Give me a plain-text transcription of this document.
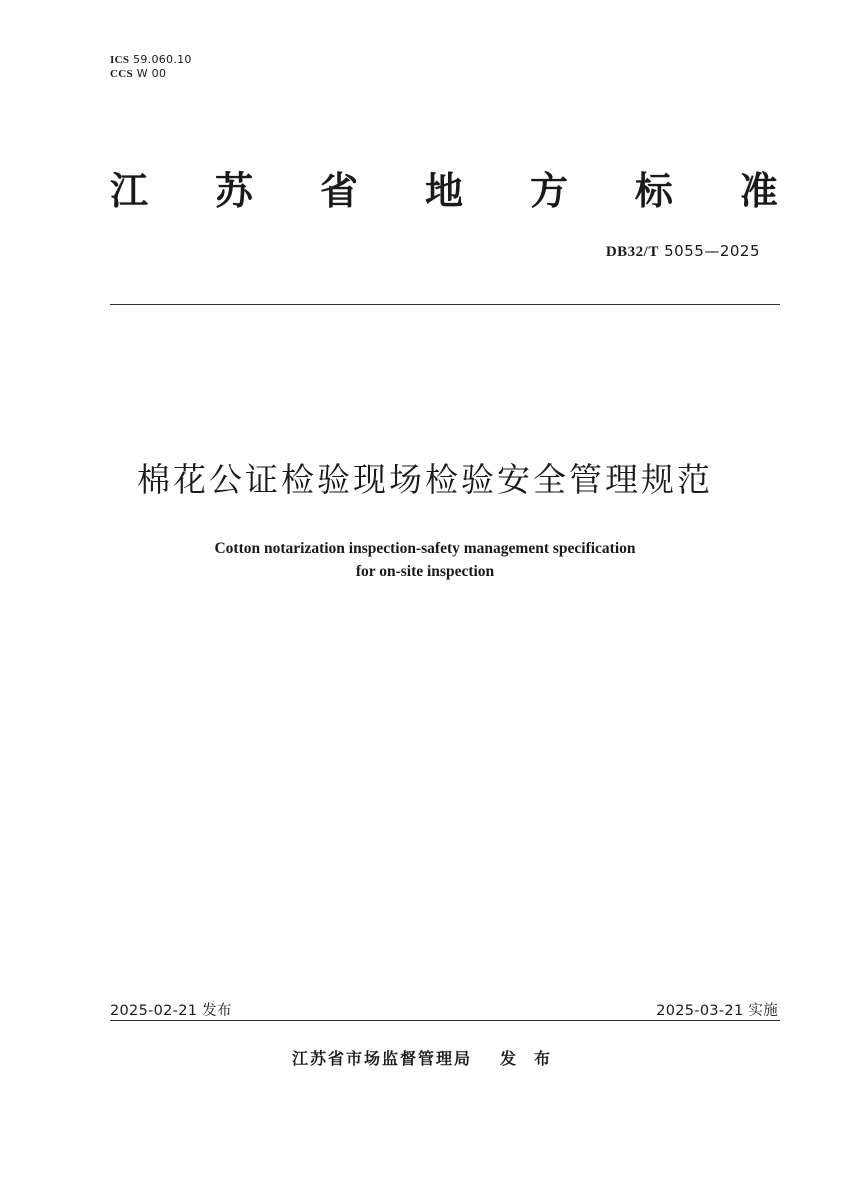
ICS 59.060.10
CCS W 00
江 苏 省 地 方 标 准
DB32/T 5055—2025
棉花公证检验现场检验安全管理规范
Cotton notarization inspection-safety management specification
for on-site inspection
2025-02-21 发布	2025-03-21 实施
江苏省市场监督管理局 发布
